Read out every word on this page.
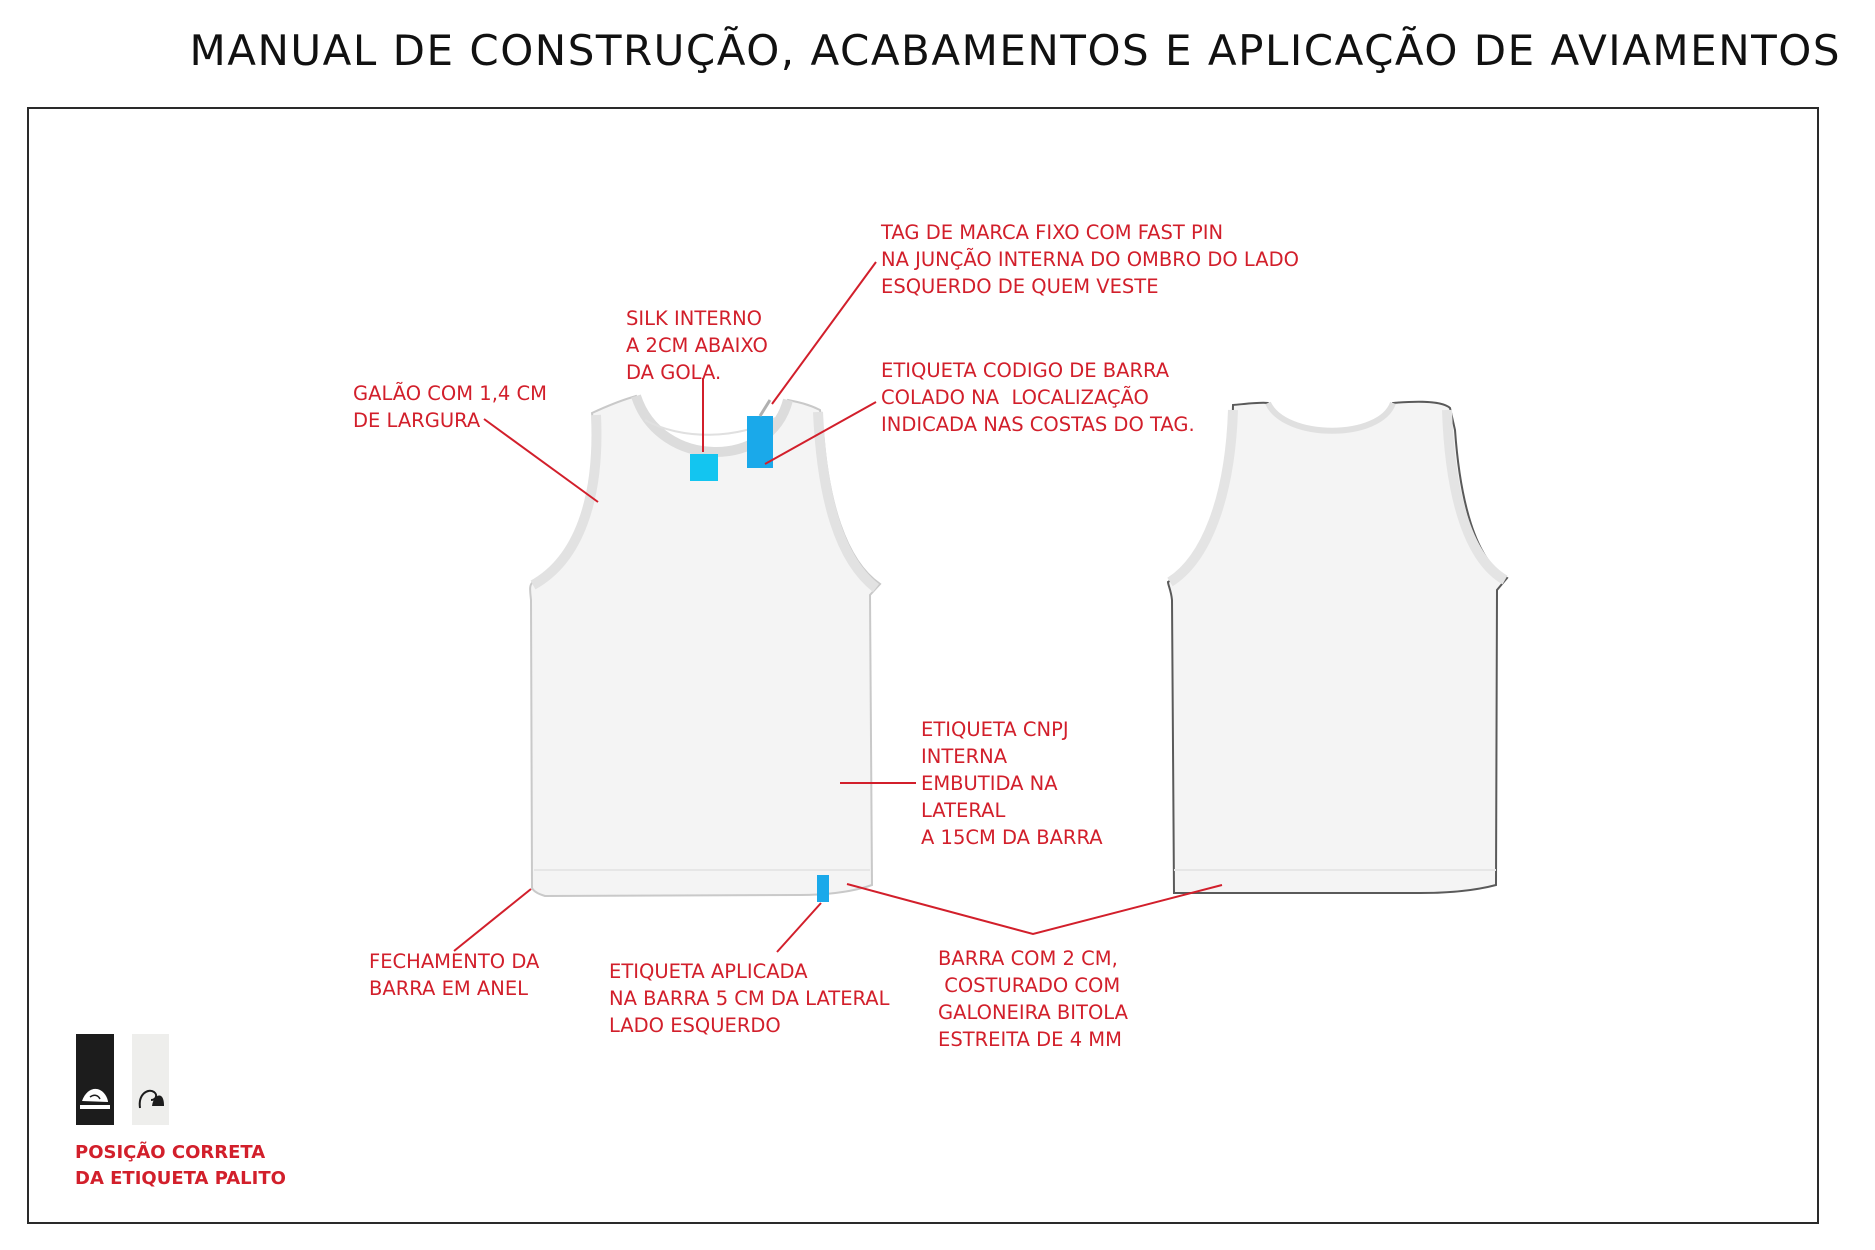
MANUAL DE CONSTRUÇÃO, ACABAMENTOS E APLICAÇÃO DE AVIAMENTOS
TAG DE MARCA FIXO COM FAST PIN
NA JUNÇÃO INTERNA DO OMBRO DO LADO
ESQUERDO DE QUEM VESTE
SILK INTERNO
A 2CM ABAIXO
DA GOLA.
GALÃO COM 1,4 CM
DE LARGURA
ETIQUETA CODIGO DE BARRA
COLADO NA  LOCALIZAÇÃO
INDICADA NAS COSTAS DO TAG.
ETIQUETA CNPJ
INTERNA
EMBUTIDA NA
LATERAL
A 15CM DA BARRA
FECHAMENTO DA
BARRA EM ANEL
ETIQUETA APLICADA
NA BARRA 5 CM DA LATERAL
LADO ESQUERDO
BARRA COM 2 CM,
COSTURADO COM
GALONEIRA BITOLA
ESTREITA DE 4 MM
POSIÇÃO CORRETA
DA ETIQUETA PALITO
